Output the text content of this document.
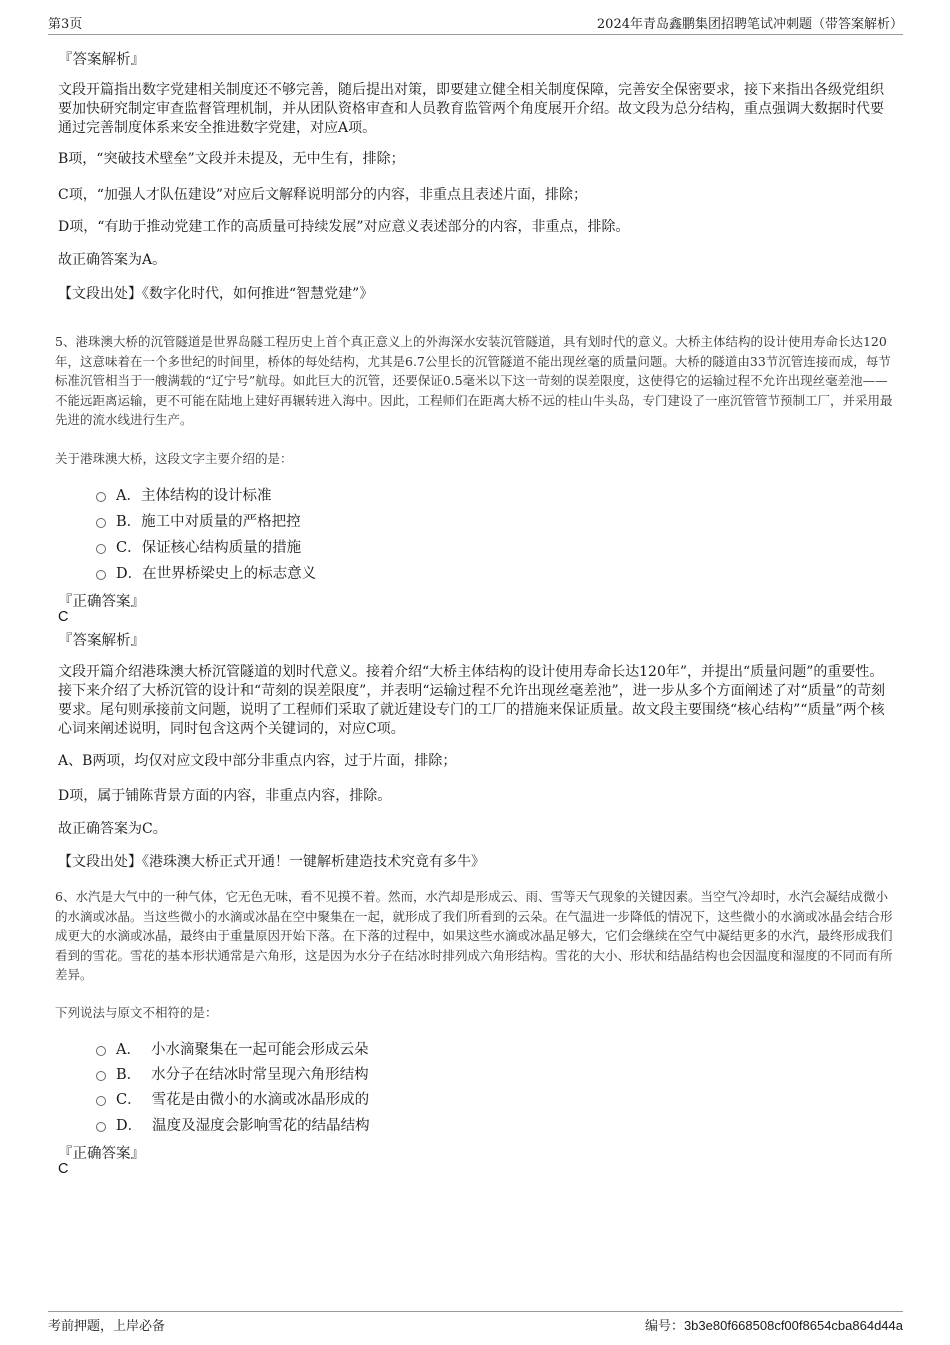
第3页	2024年青岛鑫鹏集团招聘笔试冲刺题（带答案解析）
『答案解析』
文段开篇指出数字党建相关制度还不够完善，随后提出对策，即要建立健全相关制度保障，完善安全保密要求，接下来指出各级党组织要加快研究制定审查监督管理机制，并从团队资格审查和人员教育监管两个角度展开介绍。故文段为总分结构，重点强调大数据时代要通过完善制度体系来安全推进数字党建，对应A项。
B项，“突破技术壁垒”文段并未提及，无中生有，排除；
C项，“加强人才队伍建设”对应后文解释说明部分的内容，非重点且表述片面，排除；
D项，“有助于推动党建工作的高质量可持续发展”对应意义表述部分的内容，非重点，排除。
故正确答案为A。
【文段出处】《数字化时代，如何推进“智慧党建”》
5、港珠澳大桥的沉管隧道是世界岛隧工程历史上首个真正意义上的外海深水安装沉管隧道，具有划时代的意义。大桥主体结构的设计使用寿命长达120年，这意味着在一个多世纪的时间里，桥体的每处结构，尤其是6.7公里长的沉管隧道不能出现丝毫的质量问题。大桥的隧道由33节沉管连接而成，每节标准沉管相当于一艘满载的“辽宁号”航母。如此巨大的沉管，还要保证0.5毫米以下这一苛刻的误差限度，这使得它的运输过程不允许出现丝毫差池——不能远距离运输，更不可能在陆地上建好再辗转进入海中。因此，工程师们在距离大桥不远的桂山牛头岛，专门建设了一座沉管管节预制工厂，并采用最先进的流水线进行生产。
关于港珠澳大桥，这段文字主要介绍的是：
A． 主体结构的设计标准
B． 施工中对质量的严格把控
C． 保证核心结构质量的措施
D． 在世界桥梁史上的标志意义
『正确答案』
C
『答案解析』
文段开篇介绍港珠澳大桥沉管隧道的划时代意义。接着介绍“大桥主体结构的设计使用寿命长达120年”，并提出“质量问题”的重要性。接下来介绍了大桥沉管的设计和“苛刻的误差限度”，并表明“运输过程不允许出现丝毫差池”，进一步从多个方面阐述了对“质量”的苛刻要求。尾句则承接前文问题，说明了工程师们采取了就近建设专门的工厂的措施来保证质量。故文段主要围绕“核心结构”“质量”两个核心词来阐述说明，同时包含这两个关键词的，对应C项。
A、B两项，均仅对应文段中部分非重点内容，过于片面，排除；
D项，属于铺陈背景方面的内容，非重点内容，排除。
故正确答案为C。
【文段出处】《港珠澳大桥正式开通！一键解析建造技术究竟有多牛》
6、水汽是大气中的一种气体，它无色无味，看不见摸不着。然而，水汽却是形成云、雨、雪等天气现象的关键因素。当空气冷却时，水汽会凝结成微小的水滴或冰晶。当这些微小的水滴或冰晶在空中聚集在一起，就形成了我们所看到的云朵。在气温进一步降低的情况下，这些微小的水滴或冰晶会结合形成更大的水滴或冰晶，最终由于重量原因开始下落。在下落的过程中，如果这些水滴或冰晶足够大，它们会继续在空气中凝结更多的水汽，最终形成我们看到的雪花。雪花的基本形状通常是六角形，这是因为水分子在结冰时排列成六角形结构。雪花的大小、形状和结晶结构也会因温度和湿度的不同而有所差异。
下列说法与原文不相符的是：
A． 小水滴聚集在一起可能会形成云朵
B． 水分子在结冰时常呈现六角形结构
C． 雪花是由微小的水滴或冰晶形成的
D． 温度及湿度会影响雪花的结晶结构
『正确答案』
C
考前押题，上岸必备	编号：3b3e80f668508cf00f8654cba864d44a
